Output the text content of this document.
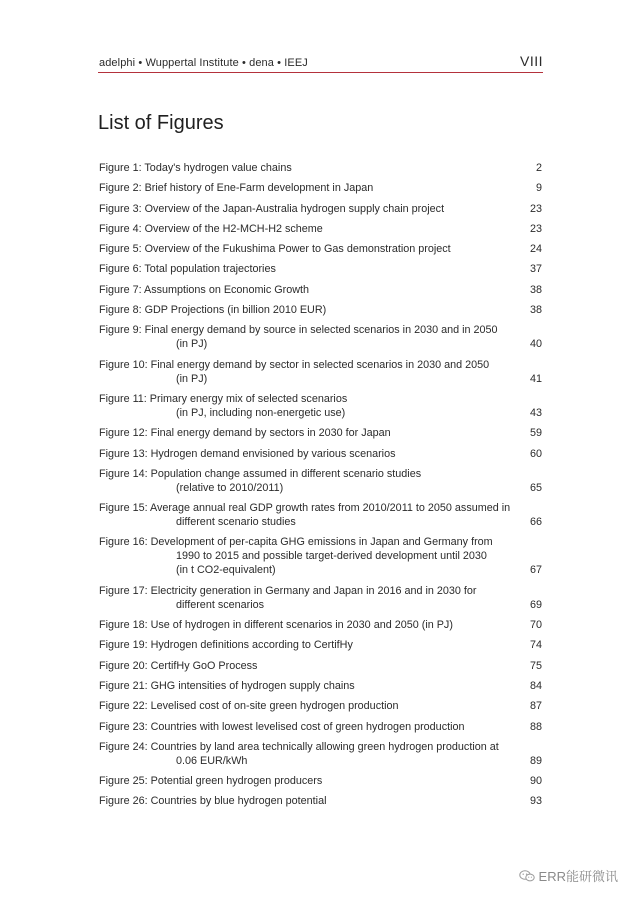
adelphi • Wuppertal Institute • dena • IEEJ	VIII
List of Figures
Figure 1: Today's hydrogen value chains	2
Figure 2: Brief history of Ene-Farm development in Japan	9
Figure 3: Overview of the Japan-Australia hydrogen supply chain project	23
Figure 4: Overview of the H2-MCH-H2 scheme	23
Figure 5: Overview of the Fukushima Power to Gas demonstration project	24
Figure 6: Total population trajectories	37
Figure 7: Assumptions on Economic Growth	38
Figure 8: GDP Projections (in billion 2010 EUR)	38
Figure 9: Final energy demand by source in selected scenarios in 2030 and in 2050
(in PJ)	40
Figure 10: Final energy demand by sector in selected scenarios in 2030 and 2050
(in PJ)	41
Figure 11: Primary energy mix of selected scenarios
(in PJ, including non-energetic use)	43
Figure 12: Final energy demand by sectors in 2030 for Japan	59
Figure 13: Hydrogen demand envisioned by various scenarios	60
Figure 14: Population change assumed in different scenario studies
(relative to 2010/2011)	65
Figure 15: Average annual real GDP growth rates from 2010/2011 to 2050 assumed in
different scenario studies	66
Figure 16: Development of per-capita GHG emissions in Japan and Germany from
1990 to 2015 and possible target-derived development until 2030
(in t CO2-equivalent)	67
Figure 17: Electricity generation in Germany and Japan in 2016 and in 2030 for
different scenarios	69
Figure 18: Use of hydrogen in different scenarios in 2030 and 2050 (in PJ)	70
Figure 19: Hydrogen definitions according to CertifHy	74
Figure 20: CertifHy GoO Process	75
Figure 21: GHG intensities of hydrogen supply chains	84
Figure 22: Levelised cost of on-site green hydrogen production	87
Figure 23: Countries with lowest levelised cost of green hydrogen production	88
Figure 24: Countries by land area technically allowing green hydrogen production at
0.06 EUR/kWh	89
Figure 25: Potential green hydrogen producers	90
Figure 26: Countries by blue hydrogen potential	93
ERR能研微讯
